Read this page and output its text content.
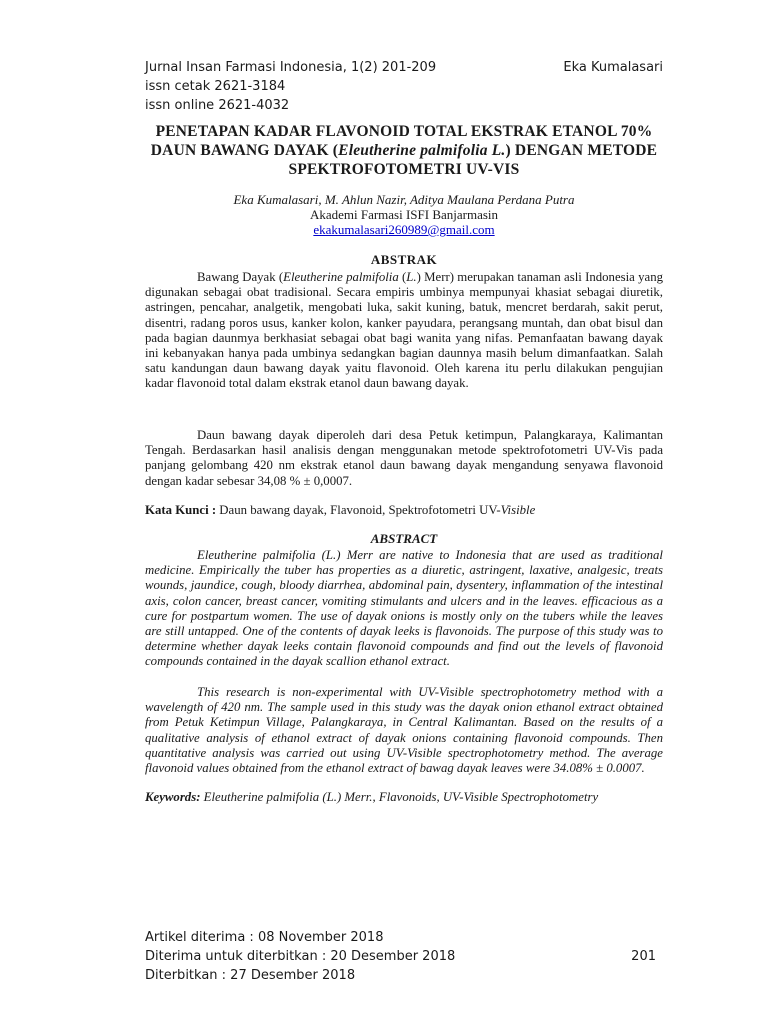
Jurnal Insan Farmasi Indonesia, 1(2) 201-209	Eka Kumalasari
issn cetak 2621-3184
issn online 2621-4032
PENETAPAN KADAR FLAVONOID TOTAL EKSTRAK ETANOL 70% DAUN BAWANG DAYAK (Eleutherine palmifolia L.) DENGAN METODE SPEKTROFOTOMETRI UV-VIS
Eka Kumalasari, M. Ahlun Nazir, Aditya Maulana Perdana Putra
Akademi Farmasi ISFI Banjarmasin
ekakumalasari260989@gmail.com
ABSTRAK
Bawang Dayak (Eleutherine palmifolia (L.) Merr) merupakan tanaman asli Indonesia yang digunakan sebagai obat tradisional. Secara empiris umbinya mempunyai khasiat sebagai diuretik, astringen, pencahar, analgetik, mengobati luka, sakit kuning, batuk, mencret berdarah, sakit perut, disentri, radang poros usus, kanker kolon, kanker payudara, perangsang muntah, dan obat bisul dan pada bagian daunmya berkhasiat sebagai obat bagi wanita yang nifas. Pemanfaatan bawang dayak ini kebanyakan hanya pada umbinya sedangkan bagian daunnya masih belum dimanfaatkan. Salah satu kandungan daun bawang dayak yaitu flavonoid. Oleh karena itu perlu dilakukan pengujian kadar flavonoid total dalam ekstrak etanol daun bawang dayak.
Daun bawang dayak diperoleh dari desa Petuk ketimpun, Palangkaraya, Kalimantan Tengah. Berdasarkan hasil analisis dengan menggunakan metode spektrofotometri UV-Vis pada panjang gelombang 420 nm ekstrak etanol daun bawang dayak mengandung senyawa flavonoid dengan kadar sebesar 34,08 % ± 0,0007.
Kata Kunci : Daun bawang dayak, Flavonoid, Spektrofotometri UV-Visible
ABSTRACT
Eleutherine palmifolia (L.) Merr are native to Indonesia that are used as traditional medicine. Empirically the tuber has properties as a diuretic, astringent, laxative, analgesic, treats wounds, jaundice, cough, bloody diarrhea, abdominal pain, dysentery, inflammation of the intestinal axis, colon cancer, breast cancer, vomiting stimulants and ulcers and in the leaves. efficacious as a cure for postpartum women. The use of dayak onions is mostly only on the tubers while the leaves are still untapped. One of the contents of dayak leeks is flavonoids. The purpose of this study was to determine whether dayak leeks contain flavonoid compounds and find out the levels of flavonoid compounds contained in the dayak scallion ethanol extract.
This research is non-experimental with UV-Visible spectrophotometry method with a wavelength of 420 nm. The sample used in this study was the dayak onion ethanol extract obtained from Petuk Ketimpun Village, Palangkaraya, in Central Kalimantan. Based on the results of a qualitative analysis of ethanol extract of dayak onions containing flavonoid compounds. Then quantitative analysis was carried out using UV-Visible spectrophotometry method. The average flavonoid values obtained from the ethanol extract of bawag dayak leaves were 34.08% ± 0.0007.
Keywords: Eleutherine palmifolia (L.) Merr., Flavonoids, UV-Visible Spectrophotometry
Artikel diterima : 08 November 2018
Diterima untuk diterbitkan : 20 Desember 2018	201
Diterbitkan : 27 Desember 2018
